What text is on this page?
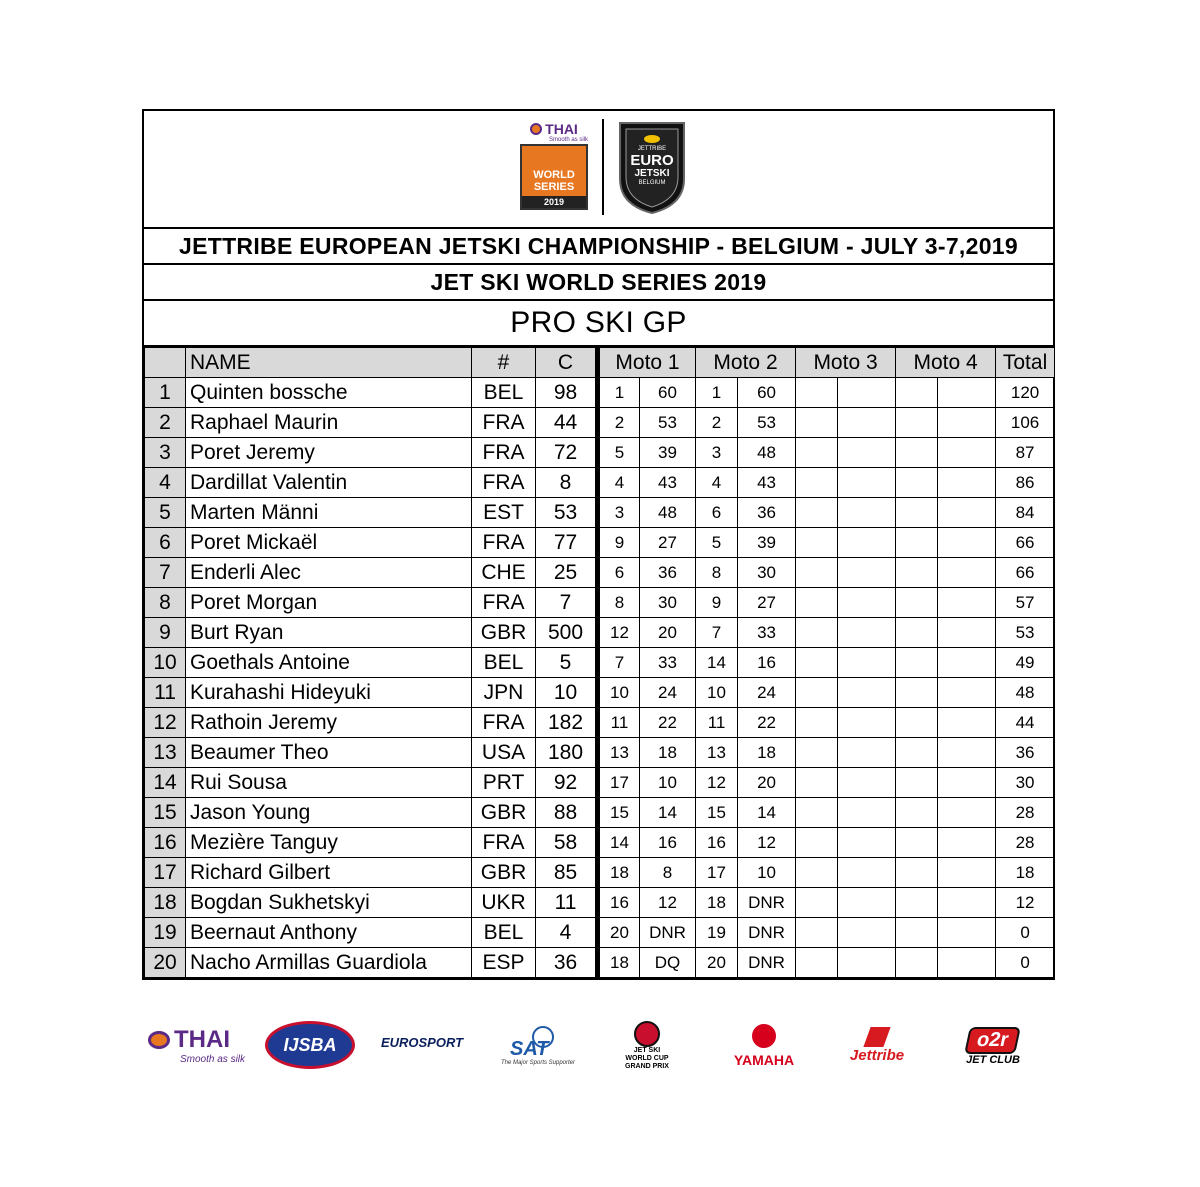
THAI
Smooth as silk
WORLD
SERIES
2019
JETTRIBE
EURO
JETSKI
BELGIUM
JETTRIBE EUROPEAN JETSKI CHAMPIONSHIP - BELGIUM - JULY 3-7,2019
JET SKI WORLD SERIES 2019
PRO SKI GP
	NAME	#	C	Moto 1		Moto 2		Moto 3		Moto 4		Total
1	Quinten bossche	BEL	98	1	60	1	60					120
2	Raphael Maurin	FRA	44	2	53	2	53					106
3	Poret Jeremy	FRA	72	5	39	3	48					87
4	Dardillat Valentin	FRA	8	4	43	4	43					86
5	Marten Männi	EST	53	3	48	6	36					84
6	Poret Mickaël	FRA	77	9	27	5	39					66
7	Enderli Alec	CHE	25	6	36	8	30					66
8	Poret Morgan	FRA	7	8	30	9	27					57
9	Burt Ryan	GBR	500	12	20	7	33					53
10	Goethals Antoine	BEL	5	7	33	14	16					49
11	Kurahashi Hideyuki	JPN	10	10	24	10	24					48
12	Rathoin Jeremy	FRA	182	11	22	11	22					44
13	Beaumer Theo	USA	180	13	18	13	18					36
14	Rui Sousa	PRT	92	17	10	12	20					30
15	Jason Young	GBR	88	15	14	15	14					28
16	Mezière Tanguy	FRA	58	14	16	16	12					28
17	Richard Gilbert	GBR	85	18	8	17	10					18
18	Bogdan Sukhetskyi	UKR	11	16	12	18	DNR					12
19	Beernaut Anthony	BEL	4	20	DNR	19	DNR					0
20	Nacho Armillas Guardiola	ESP	36	18	DQ	20	DNR					0
THAI
Smooth as silk
IJSBA	EUROSPORT SAT
The Major Sports Supporter
JET SKI
WORLD CUP
GRAND PRIX	YAMAHA	Jettribe
o2r
JET CLUB
